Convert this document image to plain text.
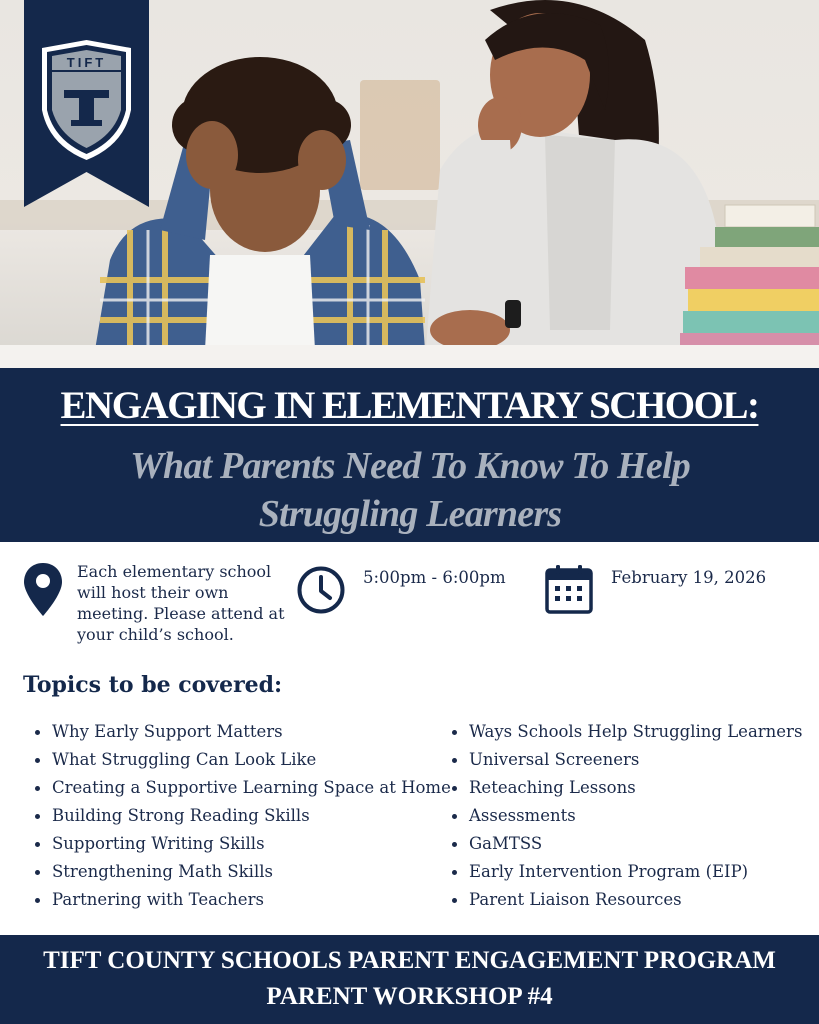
TIFT
ENGAGING IN ELEMENTARY SCHOOL:
What Parents Need To Know To Help Struggling Learners

Each elementary school will host their own meeting. Please attend at your child’s school.

5:00pm - 6:00pm	February 19, 2026

Topics to be covered:
Why Early Support Matters
What Struggling Can Look Like
Creating a Supportive Learning Space at Home
Building Strong Reading Skills
Supporting Writing Skills
Strengthening Math Skills
Partnering with Teachers
Ways Schools Help Struggling Learners
Universal Screeners
Reteaching Lessons
Assessments
GaMTSS
Early Intervention Program (EIP)
Parent Liaison Resources

TIFT COUNTY SCHOOLS PARENT ENGAGEMENT PROGRAM

PARENT WORKSHOP #4
